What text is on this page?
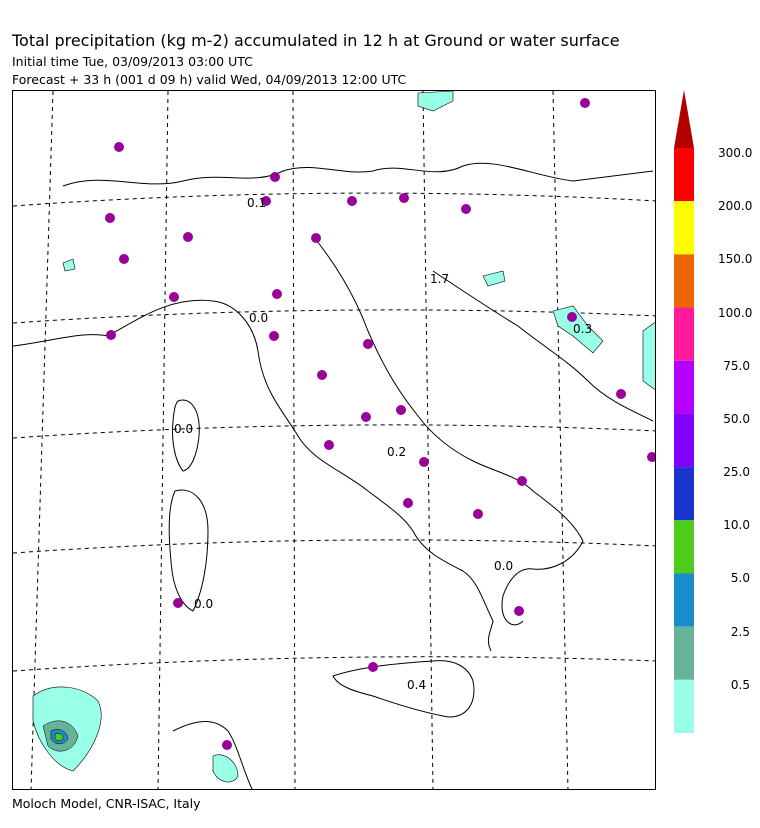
Total precipitation (kg m-2) accumulated in 12 h at Ground or water surface
Initial time Tue, 03/09/2013 03:00 UTC
Forecast + 33 h (001 d 09 h) valid Wed, 04/09/2013 12:00 UTC
0.1
1.7
0.3
0.0
0.0
0.2
0.0
0.0
0.4
300.0
200.0
150.0
100.0
75.0
50.0
25.0
10.0
5.0
2.5
0.5
Moloch Model, CNR-ISAC, Italy
